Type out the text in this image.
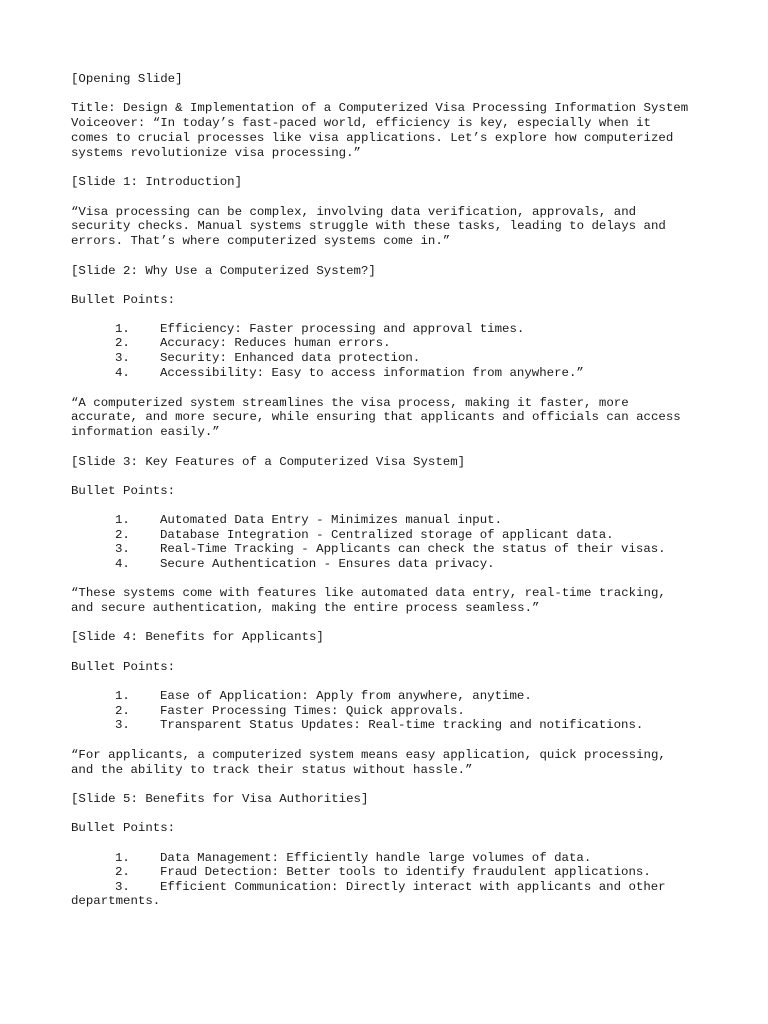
[Opening Slide]
Title: Design & Implementation of a Computerized Visa Processing Information System
Voiceover: “In today’s fast-paced world, efficiency is key, especially when it
comes to crucial processes like visa applications. Let’s explore how computerized
systems revolutionize visa processing.”
[Slide 1: Introduction]
“Visa processing can be complex, involving data verification, approvals, and
security checks. Manual systems struggle with these tasks, leading to delays and
errors. That’s where computerized systems come in.”
[Slide 2: Why Use a Computerized System?]
Bullet Points:
1. Efficiency: Faster processing and approval times.
2. Accuracy: Reduces human errors.
3. Security: Enhanced data protection.
4. Accessibility: Easy to access information from anywhere.”
“A computerized system streamlines the visa process, making it faster, more
accurate, and more secure, while ensuring that applicants and officials can access
information easily.”
[Slide 3: Key Features of a Computerized Visa System]
Bullet Points:
1. Automated Data Entry - Minimizes manual input.
2. Database Integration - Centralized storage of applicant data.
3. Real-Time Tracking - Applicants can check the status of their visas.
4. Secure Authentication - Ensures data privacy.
“These systems come with features like automated data entry, real-time tracking,
and secure authentication, making the entire process seamless.”
[Slide 4: Benefits for Applicants]
Bullet Points:
1. Ease of Application: Apply from anywhere, anytime.
2. Faster Processing Times: Quick approvals.
3. Transparent Status Updates: Real-time tracking and notifications.
“For applicants, a computerized system means easy application, quick processing,
and the ability to track their status without hassle.”
[Slide 5: Benefits for Visa Authorities]
Bullet Points:
1. Data Management: Efficiently handle large volumes of data.
2. Fraud Detection: Better tools to identify fraudulent applications.
3. Efficient Communication: Directly interact with applicants and other
departments.
